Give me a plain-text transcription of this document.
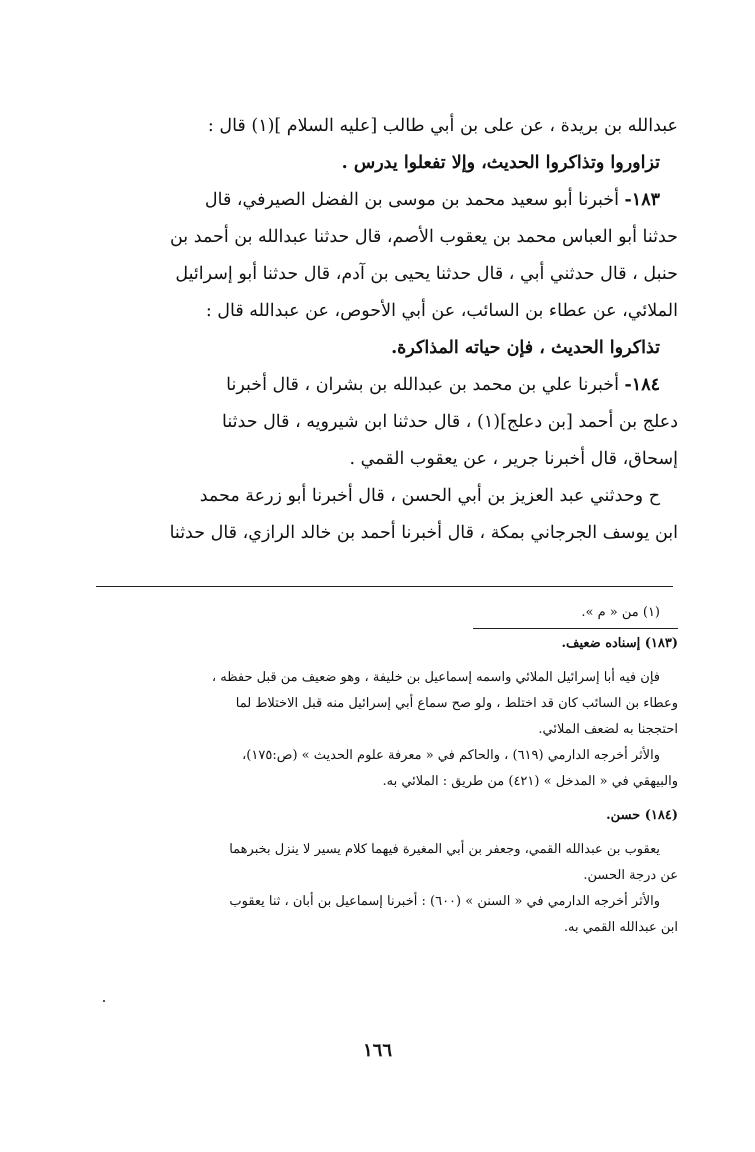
عبدالله بن بريدة ، عن على بن أبي طالب [عليه السلام ](١) قال :
تزاوروا وتذاكروا الحديث، وإلا تفعلوا يدرس .
١٨٣- أخبرنا أبو سعيد محمد بن موسى بن الفضل الصيرفي، قال
حدثنا أبو العباس محمد بن يعقوب الأصم، قال حدثنا عبدالله بن أحمد بن
حنبل ، قال حدثني أبي ، قال حدثنا يحيى بن آدم، قال حدثنا أبو إسرائيل
الملائي، عن عطاء بن السائب، عن أبي الأحوص، عن عبدالله قال :
تذاكروا الحديث ، فإن حياته المذاكرة.
١٨٤- أخبرنا علي بن محمد بن عبدالله بن بشران ، قال أخبرنا
دعلج بن أحمد [بن دعلج](١) ، قال حدثنا ابن شيرويه ، قال حدثنا
إسحاق، قال أخبرنا جرير ، عن يعقوب القمي .
ح وحدثني عبد العزيز بن أبي الحسن ، قال أخبرنا أبو زرعة محمد
ابن يوسف الجرجاني بمكة ، قال أخبرنا أحمد بن خالد الرازي، قال حدثنا
(١) من « م ».
(١٨٣) إسناده ضعيف.
فإن فيه أبا إسرائيل الملائي واسمه إسماعيل بن خليفة ، وهو ضعيف من قبل حفظه ،
وعطاء بن السائب كان قد اختلط ، ولو صح سماع أبي إسرائيل منه قبل الاختلاط لما
احتججنا به لضعف الملائي.
والأثر أخرجه الدارمي (٦١٩) ، والحاكم في « معرفة علوم الحديث » (ص:١٧٥)،
والبيهقي في « المدخل » (٤٢١) من طريق : الملائي به.
(١٨٤) حسن.
يعقوب بن عبدالله القمي، وجعفر بن أبي المغيرة فيهما كلام يسير لا ينزل بخبرهما
عن درجة الحسن.
والأثر أخرجه الدارمي في « السنن » (٦٠٠) : أخبرنا إسماعيل بن أبان ، ثنا يعقوب
ابن عبدالله القمي به.
١٦٦
